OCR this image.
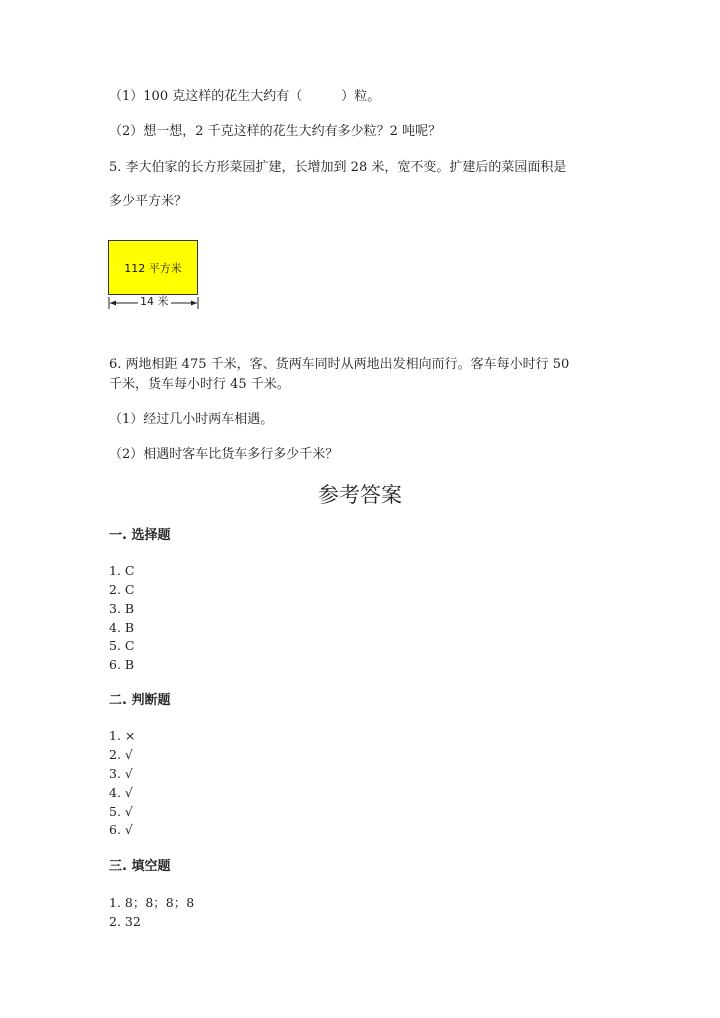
（1）100 克这样的花生大约有（　　　）粒。
（2）想一想，2 千克这样的花生大约有多少粒？2 吨呢？
5. 李大伯家的长方形菜园扩建，长增加到 28 米，宽不变。扩建后的菜园面积是
多少平方米？
112 平方米
14 米
6. 两地相距 475 千米，客、货两车同时从两地出发相向而行。客车每小时行 50
千米，货车每小时行 45 千米。
（1）经过几小时两车相遇。
（2）相遇时客车比货车多行多少千米？
参考答案
一. 选择题
1. C
2. C
3. B
4. B
5. C
6. B
二. 判断题
1. ×
2. √
3. √
4. √
5. √
6. √
三. 填空题
1. 8；8；8；8
2. 32
